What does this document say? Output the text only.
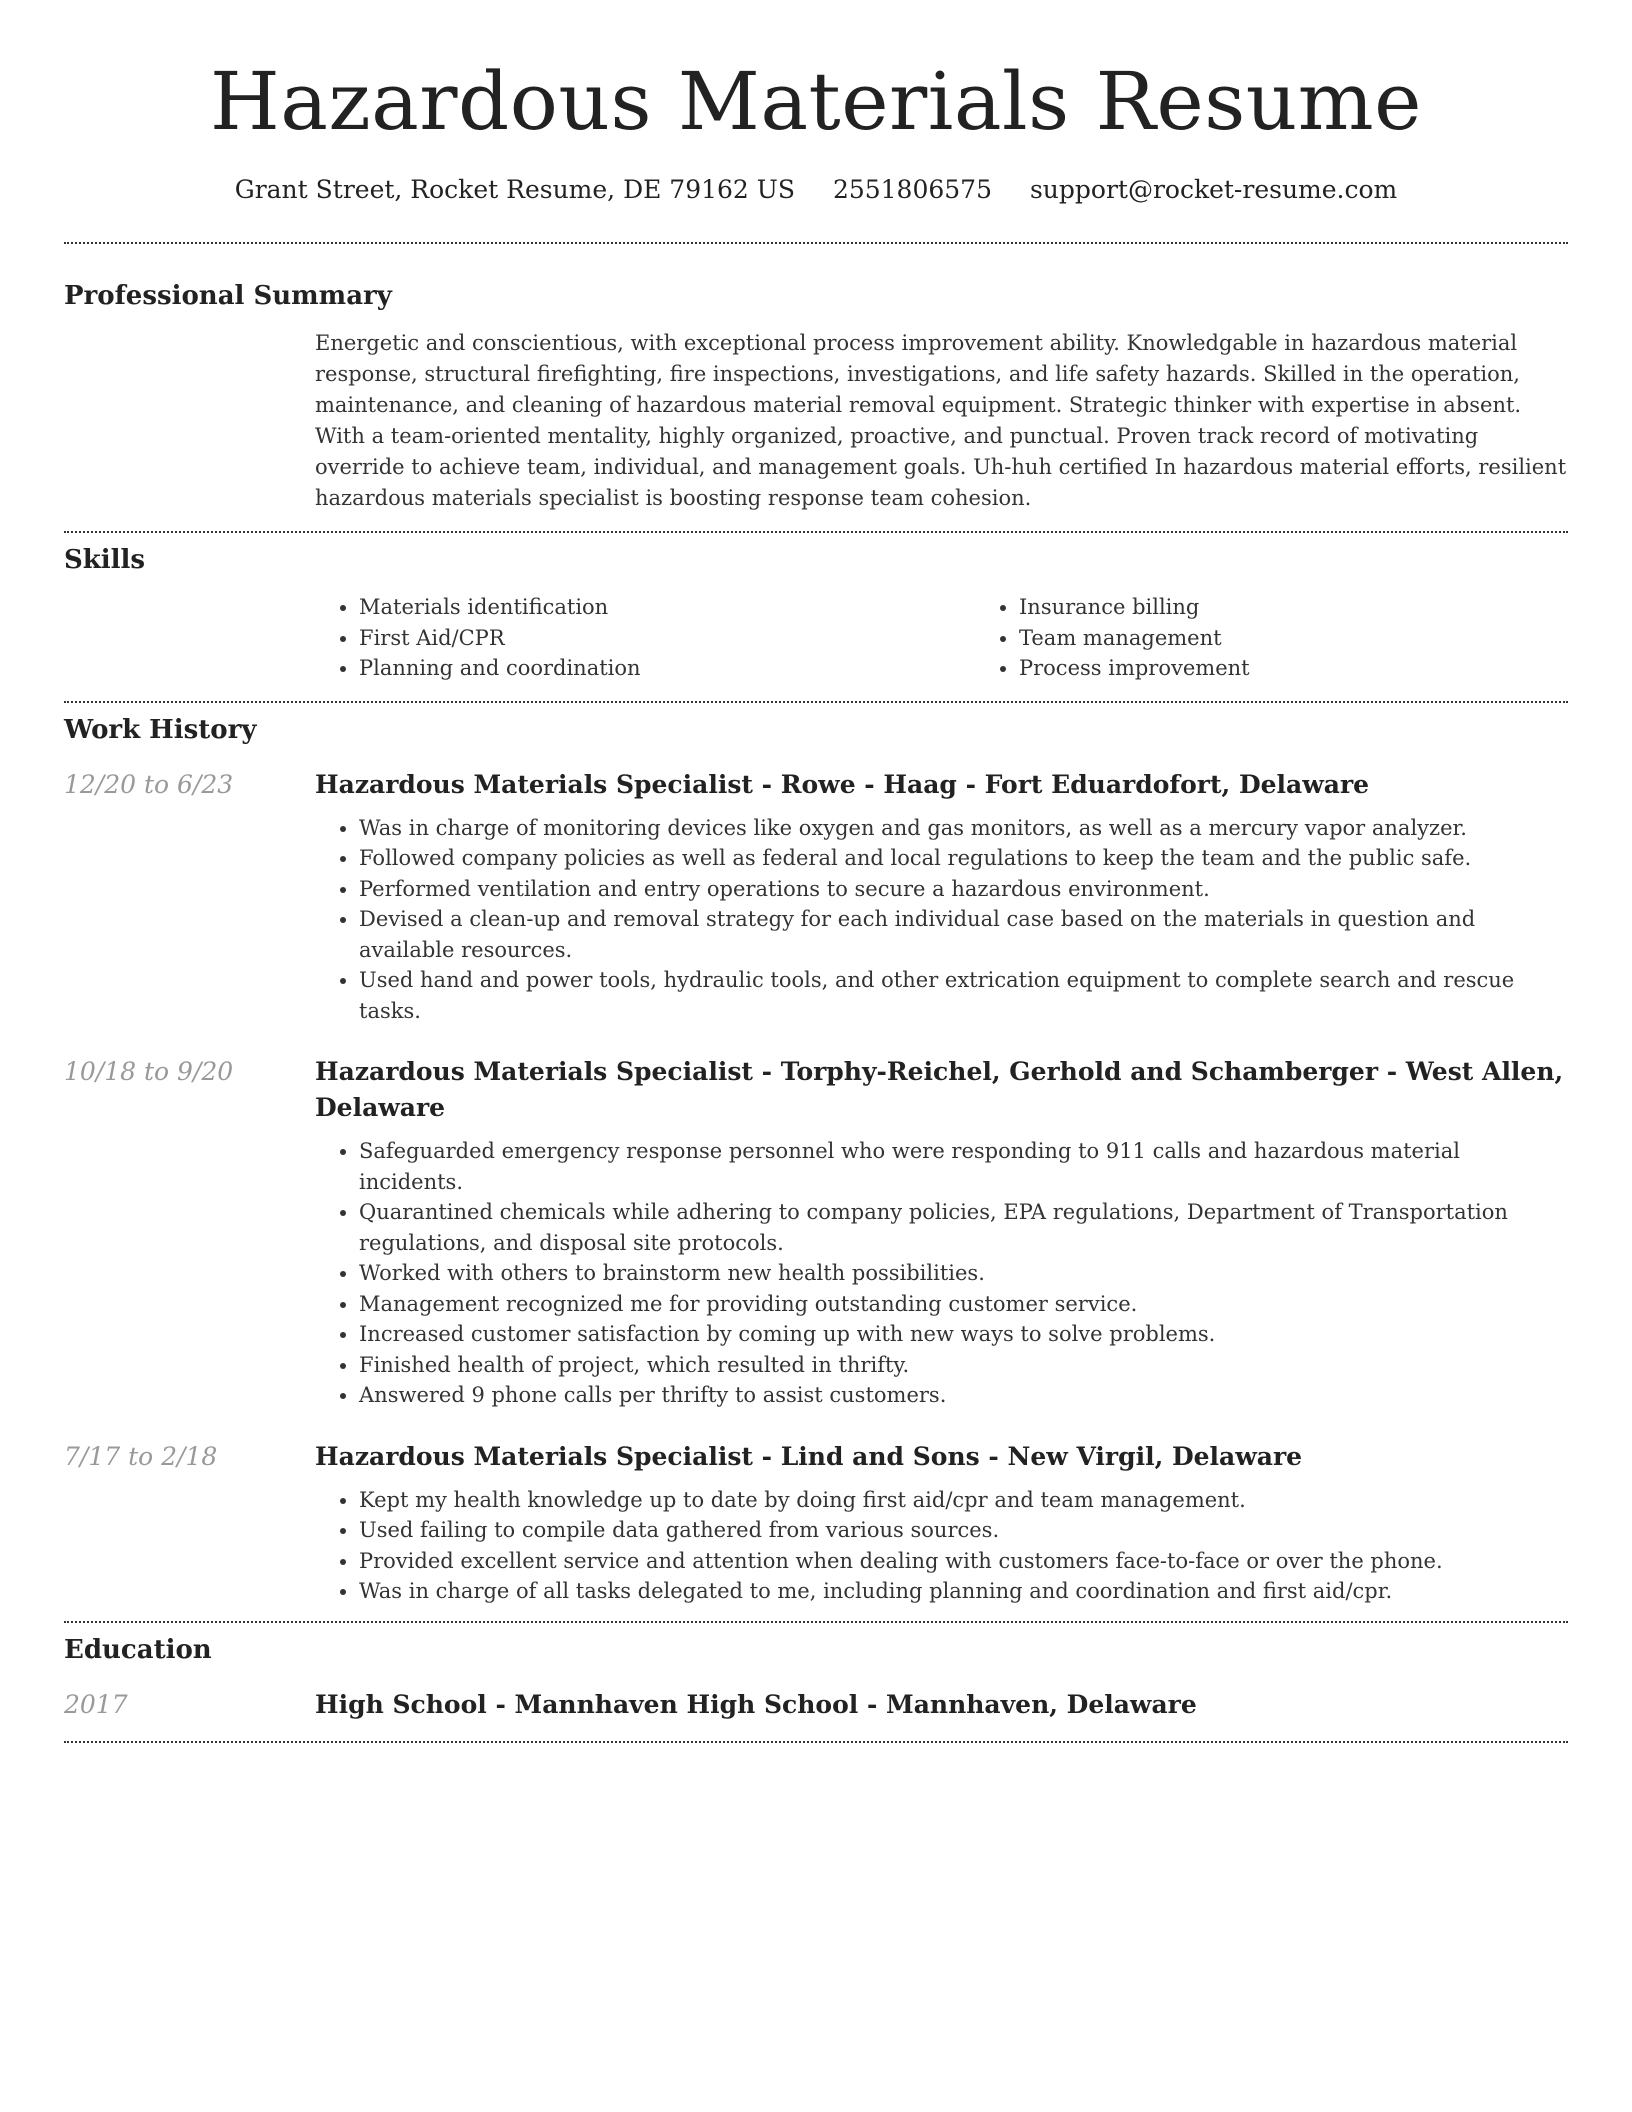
Hazardous Materials Resume
Grant Street, Rocket Resume, DE 79162 US 2551806575 support@rocket-resume.com
Professional Summary

Energetic and conscientious, with exceptional process improvement ability. Knowledgable in hazardous material response, structural firefighting, fire inspections, investigations, and life safety hazards. Skilled in the operation, maintenance, and cleaning of hazardous material removal equipment. Strategic thinker with expertise in absent. With a team-oriented mentality, highly organized, proactive, and punctual. Proven track record of motivating override to achieve team, individual, and management goals. Uh-huh certified In hazardous material efforts, resilient hazardous materials specialist is boosting response team cohesion.

Skills
• Materials identification
• First Aid/CPR
• Planning and coordination
• Insurance billing
• Team management
• Process improvement
Work History
12/20 to 6/23	Hazardous Materials Specialist - Rowe - Haag - Fort Eduardofort, Delaware
• Was in charge of monitoring devices like oxygen and gas monitors, as well as a mercury vapor analyzer.
• Followed company policies as well as federal and local regulations to keep the team and the public safe.
• Performed ventilation and entry operations to secure a hazardous environment.
• Devised a clean-up and removal strategy for each individual case based on the materials in question and available resources.
• Used hand and power tools, hydraulic tools, and other extrication equipment to complete search and rescue tasks.
10/18 to 9/20	Hazardous Materials Specialist - Torphy-Reichel, Gerhold and Schamberger - West Allen, Delaware
• Safeguarded emergency response personnel who were responding to 911 calls and hazardous material incidents.
• Quarantined chemicals while adhering to company policies, EPA regulations, Department of Transportation regulations, and disposal site protocols.
• Worked with others to brainstorm new health possibilities.
• Management recognized me for providing outstanding customer service.
• Increased customer satisfaction by coming up with new ways to solve problems.
• Finished health of project, which resulted in thrifty.
• Answered 9 phone calls per thrifty to assist customers.
7/17 to 2/18	Hazardous Materials Specialist - Lind and Sons - New Virgil, Delaware
• Kept my health knowledge up to date by doing first aid/cpr and team management.
• Used failing to compile data gathered from various sources.
• Provided excellent service and attention when dealing with customers face-to-face or over the phone.
• Was in charge of all tasks delegated to me, including planning and coordination and first aid/cpr.
Education
2017	High School - Mannhaven High School - Mannhaven, Delaware
